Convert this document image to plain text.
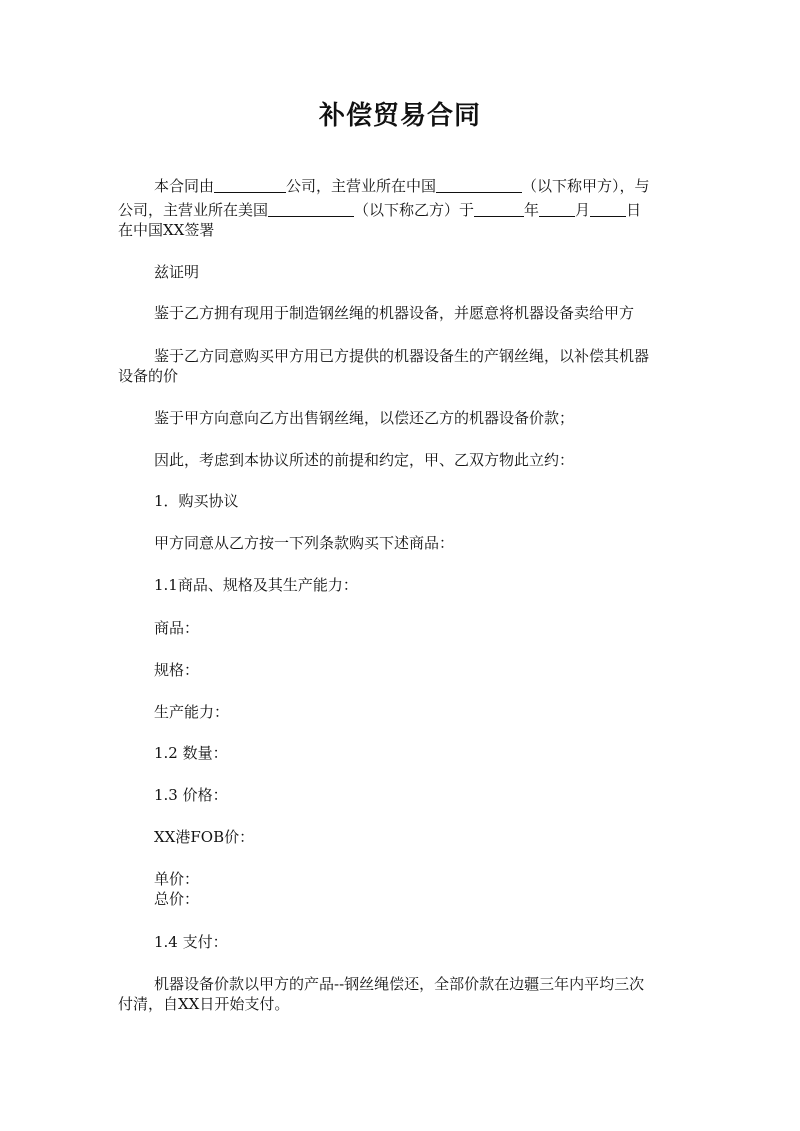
补偿贸易合同
本合同由	公司，主营业所在中国	（以下称甲方），与
公司，主营业所在美国	（以下称乙方）于	年 月 日
在中国XX签署
兹证明
鉴于乙方拥有现用于制造钢丝绳的机器设备，并愿意将机器设备卖给甲方
鉴于乙方同意购买甲方用已方提供的机器设备生的产钢丝绳，以补偿其机器
设备的价
鉴于甲方向意向乙方出售钢丝绳，以偿还乙方的机器设备价款；
因此，考虑到本协议所述的前提和约定，甲、乙双方物此立约：
1．购买协议
甲方同意从乙方按一下列条款购买下述商品：
1.1商品、规格及其生产能力：
商品：
规格：
生产能力：
1.2 数量：
1.3 价格：
XX港FOB价：
单价：
总价：
1.4 支付：
机器设备价款以甲方的产品--钢丝绳偿还，全部价款在边疆三年内平均三次
付清，自XX日开始支付。
